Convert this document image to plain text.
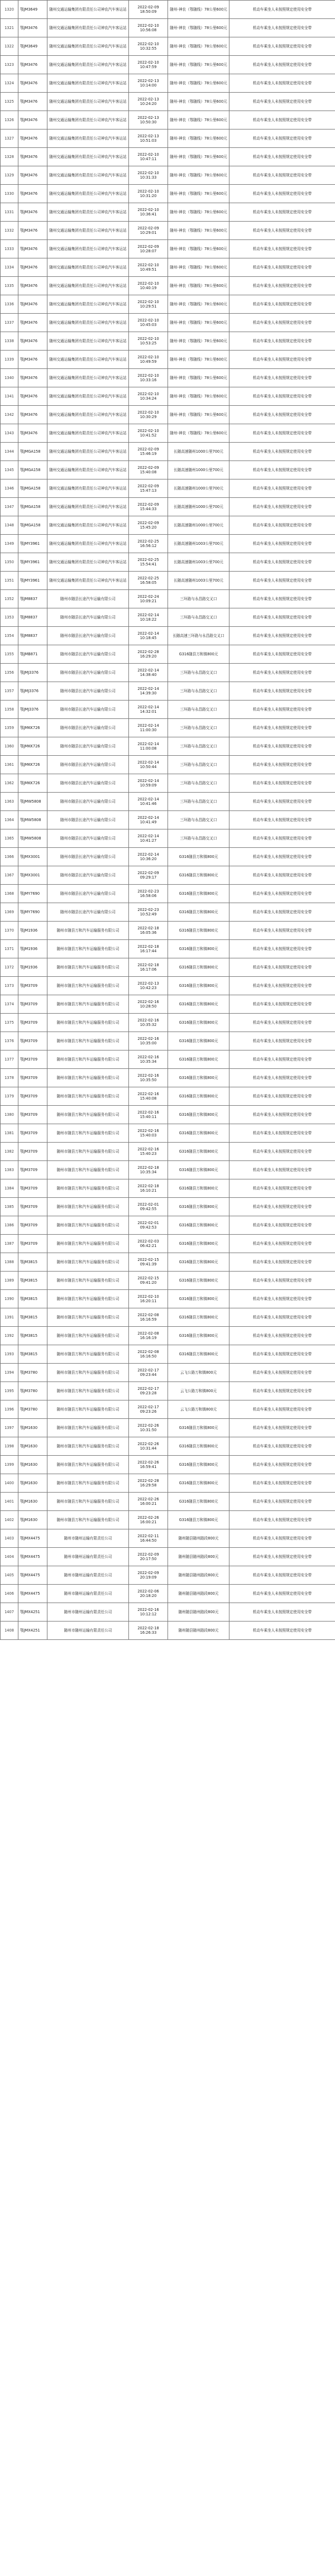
1320	鄂JM3649	随州交通运输集团有限责任公司神农汽车客运站	2022-02-09 18:50:09	随州-神农（鄂随线）78公里600元	机动车乘坐人未按照规定使用安全带
1321	鄂JM3476	随州交通运输集团有限责任公司神农汽车客运站	2022-02-10 10:56:08	随州-神农（鄂随线）78公里600元	机动车乘坐人未按照规定使用安全带
1322	鄂JM3649	随州交通运输集团有限责任公司神农汽车客运站	2022-02-10 10:32:55	随州-神农（鄂随线）78公里600元	机动车乘坐人未按照规定使用安全带
1323	鄂JM3476	随州交通运输集团有限责任公司神农汽车客运站	2022-02-10 10:47:59	随州-神农（鄂随线）78公里600元	机动车乘坐人未按照规定使用安全带
1324	鄂JM3476	随州交通运输集团有限责任公司神农汽车客运站	2022-02-13 10:14:00	随州-神农（鄂随线）78公里600元	机动车乘坐人未按照规定使用安全带
1325	鄂JM3476	随州交通运输集团有限责任公司神农汽车客运站	2022-02-13 10:24:20	随州-神农（鄂随线）78公里600元	机动车乘坐人未按照规定使用安全带
1326	鄂JM3476	随州交通运输集团有限责任公司神农汽车客运站	2022-02-13 10:50:30	随州-神农（鄂随线）78公里600元	机动车乘坐人未按照规定使用安全带
1327	鄂JM3476	随州交通运输集团有限责任公司神农汽车客运站	2022-02-13 10:51:03	随州-神农（鄂随线）78公里600元	机动车乘坐人未按照规定使用安全带
1328	鄂JM3476	随州交通运输集团有限责任公司神农汽车客运站	2022-02-10 10:47:11	随州-神农（鄂随线）78公里600元	机动车乘坐人未按照规定使用安全带
1329	鄂JM3476	随州交通运输集团有限责任公司神农汽车客运站	2022-02-10 10:31:33	随州-神农（鄂随线）78公里600元	机动车乘坐人未按照规定使用安全带
1330	鄂JM3476	随州交通运输集团有限责任公司神农汽车客运站	2022-02-10 10:31:20	随州-神农（鄂随线）78公里600元	机动车乘坐人未按照规定使用安全带
1331	鄂JM3476	随州交通运输集团有限责任公司神农汽车客运站	2022-02-10 10:36:41	随州-神农（鄂随线）78公里600元	机动车乘坐人未按照规定使用安全带
1332	鄂JM3476	随州交通运输集团有限责任公司神农汽车客运站	2022-02-09 10:29:01	随州-神农（鄂随线）78公里600元	机动车乘坐人未按照规定使用安全带
1333	鄂JM3476	随州交通运输集团有限责任公司神农汽车客运站	2022-02-09 10:28:07	随州-神农（鄂随线）78公里600元	机动车乘坐人未按照规定使用安全带
1334	鄂JM3476	随州交通运输集团有限责任公司神农汽车客运站	2022-02-10 10:49:51	随州-神农（鄂随线）78公里600元	机动车乘坐人未按照规定使用安全带
1335	鄂JM3476	随州交通运输集团有限责任公司神农汽车客运站	2022-02-10 10:40:19	随州-神农（鄂随线）78公里600元	机动车乘坐人未按照规定使用安全带
1336	鄂JM3476	随州交通运输集团有限责任公司神农汽车客运站	2022-02-10 10:29:51	随州-神农（鄂随线）78公里600元	机动车乘坐人未按照规定使用安全带
1337	鄂JM3476	随州交通运输集团有限责任公司神农汽车客运站	2022-02-10 10:45:03	随州-神农（鄂随线）78公里600元	机动车乘坐人未按照规定使用安全带
1338	鄂JM3476	随州交通运输集团有限责任公司神农汽车客运站	2022-02-10 10:53:25	随州-神农（鄂随线）78公里600元	机动车乘坐人未按照规定使用安全带
1339	鄂JM3476	随州交通运输集团有限责任公司神农汽车客运站	2022-02-10 10:49:59	随州-神农（鄂随线）78公里600元	机动车乘坐人未按照规定使用安全带
1340	鄂JM3476	随州交通运输集团有限责任公司神农汽车客运站	2022-02-10 10:33:16	随州-神农（鄂随线）78公里600元	机动车乘坐人未按照规定使用安全带
1341	鄂JM3476	随州交通运输集团有限责任公司神农汽车客运站	2022-02-10 10:34:24	随州-神农（鄂随线）78公里600元	机动车乘坐人未按照规定使用安全带
1342	鄂JM3476	随州交通运输集团有限责任公司神农汽车客运站	2022-02-10 10:30:29	随州-神农（鄂随线）78公里600元	机动车乘坐人未按照规定使用安全带
1343	鄂JM3476	随州交通运输集团有限责任公司神农汽车客运站	2022-02-10 10:41:52	随州-神农（鄂随线）78公里600元	机动车乘坐人未按照规定使用安全带
1344	鄂JMGA158	随州交通运输集团有限责任公司神农汽车客运站	2022-02-09 15:46:19	长随高速随州1000公里700元	机动车乘坐人未按照规定使用安全带
1345	鄂JMGA158	随州交通运输集团有限责任公司神农汽车客运站	2022-02-09 15:40:08	长随高速随州1000公里700元	机动车乘坐人未按照规定使用安全带
1346	鄂JMGA158	随州交通运输集团有限责任公司神农汽车客运站	2022-02-09 15:47:13	长随高速随州1000公里700元	机动车乘坐人未按照规定使用安全带
1347	鄂JMGA158	随州交通运输集团有限责任公司神农汽车客运站	2022-02-09 15:44:33	长随高速随州1000公里700元	机动车乘坐人未按照规定使用安全带
1348	鄂JMGA158	随州交通运输集团有限责任公司神农汽车客运站	2022-02-09 15:45:20	长随高速随州1000公里700元	机动车乘坐人未按照规定使用安全带
1349	鄂JMY3961	随州交通运输集团有限责任公司神农汽车客运站	2022-02-25 16:56:12	长随高速随州1003公里700元	机动车乘坐人未按照规定使用安全带
1350	鄂JMY3961	随州交通运输集团有限责任公司神农汽车客运站	2022-02-25 15:54:41	长随高速随州1003公里700元	机动车乘坐人未按照规定使用安全带
1351	鄂JMY3961	随州交通运输集团有限责任公司神农汽车客运站	2022-02-25 16:58:05	长随高速随州1003公里700元	机动车乘坐人未按照规定使用安全带
1352	鄂JM8837	随州市随县长途汽车运输有限公司	2022-02-24 10:09:21	三环路与永昌路交叉口	机动车乘坐人未按照规定使用安全带
1353	鄂JM8837	随州市随县长途汽车运输有限公司	2022-02-14 10:18:22	三环路与永昌路交叉口	机动车乘坐人未按照规定使用安全带
1354	鄂JM8837	随州市随县长途汽车运输有限公司	2022-02-14 10:18:45	长随高速三环路与永昌路交叉口	机动车乘坐人未按照规定使用安全带
1355	鄂JMB871	随州市随县长途汽车运输有限公司	2022-02-28 16:29:20	G316随县万和镇800元	机动车乘坐人未按照规定使用安全带
1356	鄂JMJ3376	随州市随县长途汽车运输有限公司	2022-02-14 14:38:40	三环路与永昌路交叉口	机动车乘坐人未按照规定使用安全带
1357	鄂JMJ3376	随州市随县长途汽车运输有限公司	2022-02-14 14:39:30	三环路与永昌路交叉口	机动车乘坐人未按照规定使用安全带
1358	鄂JMJ3376	随州市随县长途汽车运输有限公司	2022-02-14 14:32:01	三环路与永昌路交叉口	机动车乘坐人未按照规定使用安全带
1359	鄂JMKK726	随州市随县长途汽车运输有限公司	2022-02-14 11:00:30	三环路与永昌路交叉口	机动车乘坐人未按照规定使用安全带
1360	鄂JMKK726	随州市随县长途汽车运输有限公司	2022-02-14 11:00:08	三环路与永昌路交叉口	机动车乘坐人未按照规定使用安全带
1361	鄂JMKK726	随州市随县长途汽车运输有限公司	2022-02-14 10:50:44	三环路与永昌路交叉口	机动车乘坐人未按照规定使用安全带
1362	鄂JMKK726	随州市随县长途汽车运输有限公司	2022-02-14 10:59:09	三环路与永昌路交叉口	机动车乘坐人未按照规定使用安全带
1363	鄂JMW5808	随州市随县长途汽车运输有限公司	2022-02-14 10:41:46	三环路与永昌路交叉口	机动车乘坐人未按照规定使用安全带
1364	鄂JMW5808	随州市随县长途汽车运输有限公司	2022-02-14 10:41:49	三环路与永昌路交叉口	机动车乘坐人未按照规定使用安全带
1365	鄂JMW5808	随州市随县长途汽车运输有限公司	2022-02-14 10:41:27	三环路与永昌路交叉口	机动车乘坐人未按照规定使用安全带
1366	鄂JMX3001	随州市随县长途汽车运输有限公司	2022-02-14 10:36:20	G316随县万和镇800元	机动车乘坐人未按照规定使用安全带
1367	鄂JMX3001	随州市随县长途汽车运输有限公司	2022-02-09 09:29:17	G316随县万和镇800元	机动车乘坐人未按照规定使用安全带
1368	鄂JMY7690	随州市随县长途汽车运输有限公司	2022-02-23 16:58:06	G316随县万和镇800元	机动车乘坐人未按照规定使用安全带
1369	鄂JMY7690	随州市随县长途汽车运输有限公司	2022-02-23 10:52:49	G316随县万和镇800元	机动车乘坐人未按照规定使用安全带
1370	鄂JM1936	随州市随县万和汽车运输服务有限公司	2022-02-18 16:05:36	G316随县万和镇800元	机动车乘坐人未按照规定使用安全带
1371	鄂JM1936	随州市随县万和汽车运输服务有限公司	2022-02-18 16:17:44	G316随县万和镇800元	机动车乘坐人未按照规定使用安全带
1372	鄂JM1936	随州市随县万和汽车运输服务有限公司	2022-02-18 16:17:06	G316随县万和镇800元	机动车乘坐人未按照规定使用安全带
1373	鄂JM3709	随州市随县万和汽车运输服务有限公司	2022-02-13 10:42:23	G316随县万和镇800元	机动车乘坐人未按照规定使用安全带
1374	鄂JM3709	随州市随县万和汽车运输服务有限公司	2022-02-16 10:28:50	G316随县万和镇800元	机动车乘坐人未按照规定使用安全带
1375	鄂JM3709	随州市随县万和汽车运输服务有限公司	2022-02-16 10:35:32	G316随县万和镇800元	机动车乘坐人未按照规定使用安全带
1376	鄂JM3709	随州市随县万和汽车运输服务有限公司	2022-02-16 10:35:00	G316随县万和镇800元	机动车乘坐人未按照规定使用安全带
1377	鄂JM3709	随州市随县万和汽车运输服务有限公司	2022-02-16 10:35:34	G316随县万和镇800元	机动车乘坐人未按照规定使用安全带
1378	鄂JM3709	随州市随县万和汽车运输服务有限公司	2022-02-16 10:35:50	G316随县万和镇800元	机动车乘坐人未按照规定使用安全带
1379	鄂JM3709	随州市随县万和汽车运输服务有限公司	2022-02-16 15:40:08	G316随县万和镇800元	机动车乘坐人未按照规定使用安全带
1380	鄂JM3709	随州市随县万和汽车运输服务有限公司	2022-02-16 15:40:11	G316随县万和镇800元	机动车乘坐人未按照规定使用安全带
1381	鄂JM3709	随州市随县万和汽车运输服务有限公司	2022-02-16 15:40:03	G316随县万和镇800元	机动车乘坐人未按照规定使用安全带
1382	鄂JM3709	随州市随县万和汽车运输服务有限公司	2022-02-16 15:40:23	G316随县万和镇800元	机动车乘坐人未按照规定使用安全带
1383	鄂JM3709	随州市随县万和汽车运输服务有限公司	2022-02-18 10:35:34	G316随县万和镇800元	机动车乘坐人未按照规定使用安全带
1384	鄂JM3709	随州市随县万和汽车运输服务有限公司	2022-02-18 16:10:21	G316随县万和镇800元	机动车乘坐人未按照规定使用安全带
1385	鄂JM3709	随州市随县万和汽车运输服务有限公司	2022-02-01 09:42:55	G316随县万和镇800元	机动车乘坐人未按照规定使用安全带
1386	鄂JM3709	随州市随县万和汽车运输服务有限公司	2022-02-01 09:42:53	G316随县万和镇800元	机动车乘坐人未按照规定使用安全带
1387	鄂JM3709	随州市随县万和汽车运输服务有限公司	2022-02-03 06:42:21	G316随县万和镇800元	机动车乘坐人未按照规定使用安全带
1388	鄂JM3815	随州市随县万和汽车运输服务有限公司	2022-02-15 09:41:39	G316随县万和镇800元	机动车乘坐人未按照规定使用安全带
1389	鄂JM3815	随州市随县万和汽车运输服务有限公司	2022-02-15 09:41:20	G316随县万和镇800元	机动车乘坐人未按照规定使用安全带
1390	鄂JM3815	随州市随县万和汽车运输服务有限公司	2022-02-10 16:20:11	G316随县万和镇800元	机动车乘坐人未按照规定使用安全带
1391	鄂JM3815	随州市随县万和汽车运输服务有限公司	2022-02-08 16:16:59	G316随县万和镇800元	机动车乘坐人未按照规定使用安全带
1392	鄂JM3815	随州市随县万和汽车运输服务有限公司	2022-02-08 16:16:19	G316随县万和镇800元	机动车乘坐人未按照规定使用安全带
1393	鄂JM3815	随州市随县万和汽车运输服务有限公司	2022-02-08 16:16:50	G316随县万和镇800元	机动车乘坐人未按照规定使用安全带
1394	鄂JM3780	随州市随县万和汽车运输服务有限公司	2022-02-17 09:23:44	云飞公路万和镇800元	机动车乘坐人未按照规定使用安全带
1395	鄂JM3780	随州市随县万和汽车运输服务有限公司	2022-02-17 09:23:28	云飞公路万和镇800元	机动车乘坐人未按照规定使用安全带
1396	鄂JM3780	随州市随县万和汽车运输服务有限公司	2022-02-17 09:23:26	云飞公路万和镇800元	机动车乘坐人未按照规定使用安全带
1397	鄂JM1630	随州市随县万和汽车运输服务有限公司	2022-02-26 10:31:50	G316随县万和镇800元	机动车乘坐人未按照规定使用安全带
1398	鄂JM1630	随州市随县万和汽车运输服务有限公司	2022-02-26 10:31:44	G316随县万和镇800元	机动车乘坐人未按照规定使用安全带
1399	鄂JM1630	随州市随县万和汽车运输服务有限公司	2022-02-26 16:59:41	G316随县万和镇800元	机动车乘坐人未按照规定使用安全带
1400	鄂JM1630	随州市随县万和汽车运输服务有限公司	2022-02-28 16:29:58	G316随县万和镇800元	机动车乘坐人未按照规定使用安全带
1401	鄂JM1630	随州市随县万和汽车运输服务有限公司	2022-02-26 16:00:21	G316随县万和镇800元	机动车乘坐人未按照规定使用安全带
1402	鄂JM1630	随州市随县万和汽车运输服务有限公司	2022-02-26 16:00:21	G316随县万和镇800元	机动车乘坐人未按照规定使用安全带
1403	鄂JMX4475	随州市随州运输有限责任公司	2022-02-11 16:44:50	随州随县随州路段800元	机动车乘坐人未按照规定使用安全带
1404	鄂JMX4475	随州市随州运输有限责任公司	2022-02-09 20:17:50	随州随县随州路段800元	机动车乘坐人未按照规定使用安全带
1405	鄂JMX4475	随州市随州运输有限责任公司	2022-02-09 20:19:09	随州随县随州路段800元	机动车乘坐人未按照规定使用安全带
1406	鄂JMX4475	随州市随州运输有限责任公司	2022-02-06 20:18:20	随州随县随州路段800元	机动车乘坐人未按照规定使用安全带
1407	鄂JMX4251	随州市随州运输有限责任公司	2022-02-16 10:12:12	随州随县随州路段800元	机动车乘坐人未按照规定使用安全带
1408	鄂JMX4251	随州市随州运输有限责任公司	2022-02-18 16:26:33	随州随县随州路段800元	机动车乘坐人未按照规定使用安全带
